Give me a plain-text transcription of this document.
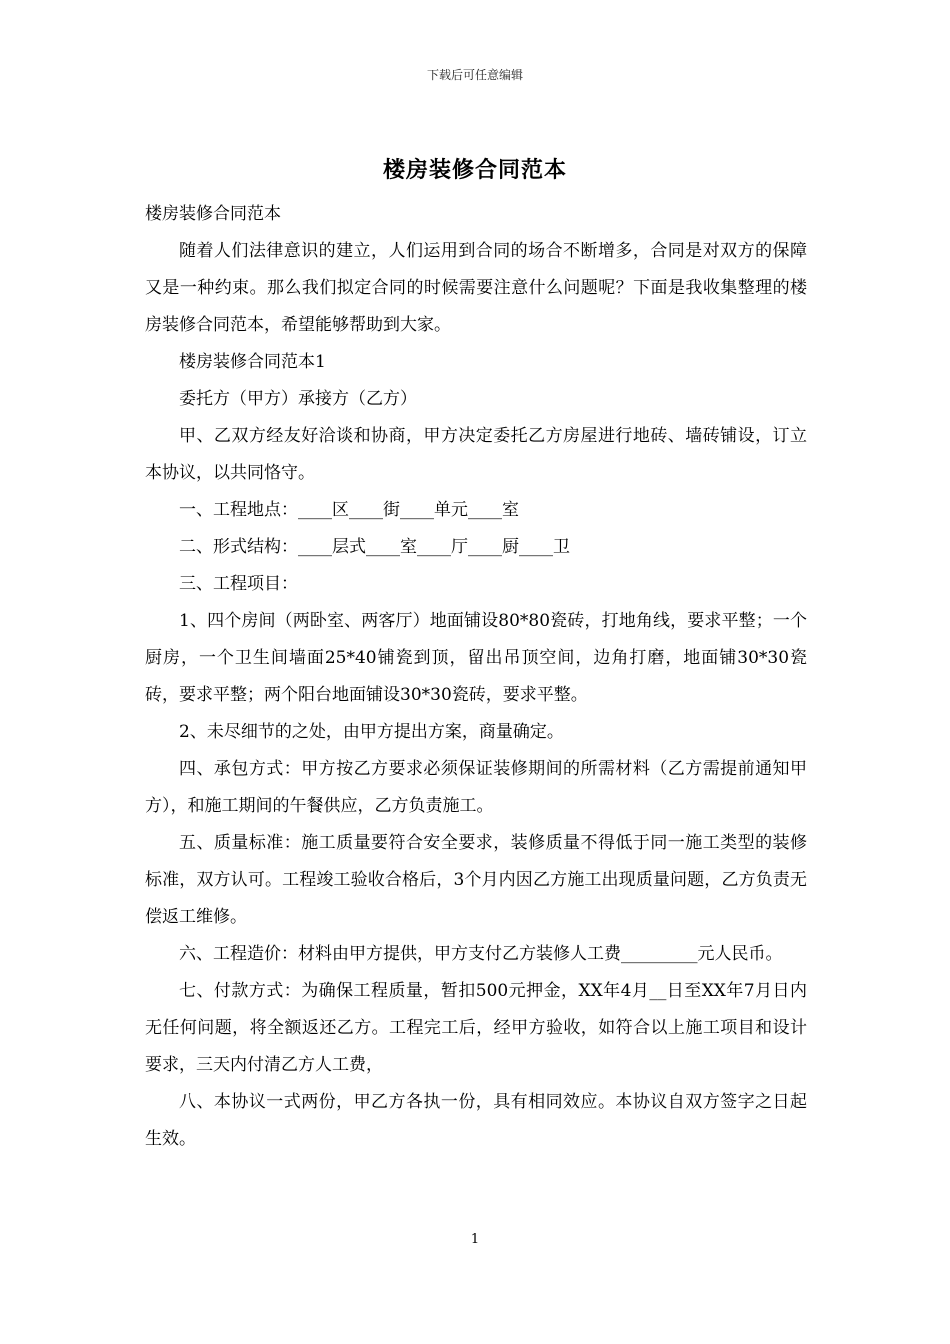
下载后可任意编辑
楼房装修合同范本

楼房装修合同范本

随着人们法律意识的建立，人们运用到合同的场合不断增多，合同是对双方的保障又是一种约束。那么我们拟定合同的时候需要注意什么问题呢？下面是我收集整理的楼房装修合同范本，希望能够帮助到大家。

楼房装修合同范本1

委托方（甲方）承接方（乙方）

甲、乙双方经友好洽谈和协商，甲方决定委托乙方房屋进行地砖、墙砖铺设，订立本协议，以共同恪守。

一、工程地点：____区____街____单元____室

二、形式结构：____层式____室____厅____厨____卫

三、工程项目：

1、四个房间（两卧室、两客厅）地面铺设80*80瓷砖，打地角线，要求平整；一个厨房，一个卫生间墙面25*40铺瓷到顶，留出吊顶空间，边角打磨，地面铺30*30瓷砖，要求平整；两个阳台地面铺设30*30瓷砖，要求平整。

2、未尽细节的之处，由甲方提出方案，商量确定。

四、承包方式：甲方按乙方要求必须保证装修期间的所需材料（乙方需提前通知甲方），和施工期间的午餐供应，乙方负责施工。

五、质量标准：施工质量要符合安全要求，装修质量不得低于同一施工类型的装修标准，双方认可。工程竣工验收合格后，3个月内因乙方施工出现质量问题，乙方负责无偿返工维修。

六、工程造价：材料由甲方提供，甲方支付乙方装修人工费_________元人民币。

七、付款方式：为确保工程质量，暂扣500元押金，XX年4月__日至XX年7月日内无任何问题，将全额返还乙方。工程完工后，经甲方验收，如符合以上施工项目和设计要求，三天内付清乙方人工费，

八、本协议一式两份，甲乙方各执一份，具有相同效应。本协议自双方签字之日起生效。

1
